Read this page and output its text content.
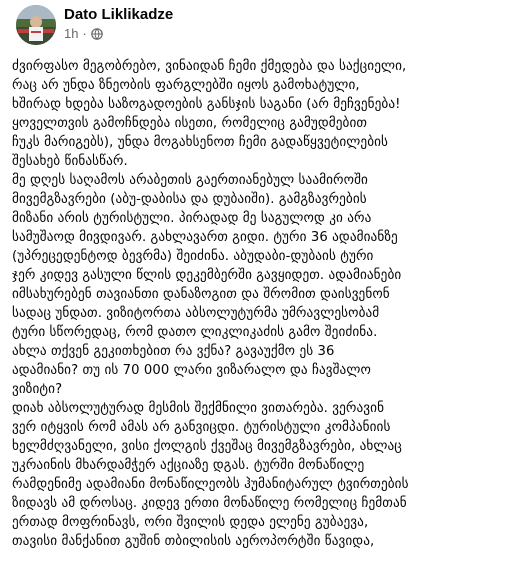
Dato Liklikadze
1h ·

ძვირფასო მეგობრებო, ვინაიდან ჩემი ქმედება და საქციელი,
რაც არ უნდა ზნეობის ფარგლებში იყოს გამოხატული,
ხშირად ხდება საზოგადოების განსჯის საგანი (არ მეჩვენება!
ყოველთვის გამოჩნდება ისეთი, რომელიც გამუდმებით
ჩუკს მარიგებს), უნდა მოგახსენოთ ჩემი გადაწყვეტილების
შესახებ წინასწარ.

მე დღეს საღამოს არაბეთის გაერთიანებულ საამიროში
მივემგზავრები (აბუ-დაბისა და დუბაიში). გამგზავრების
მიზანი არის ტურისტული. პირადად მე საგულოდ კი არა
სამუშაოდ მივდივარ. გახლავართ გიდი. ტური 36 ადამიანზე
(უპრეცედენტოდ ბევრმა) შეიძინა. აბუდაბი-დუბაის ტური
ჯერ კიდევ გასული წლის დეკემბერში გავყიდეთ. ადამიანები
იმსახურებენ თავიანთი დანაზოგით და შრომით დაისვენონ
სადაც უნდათ. ვიზიტორთა აბსოლუტურმა უმრავლესობამ
ტური სწორედაც, რომ დათო ლიკლიკაძის გამო შეიძინა.
ახლა თქვენ გეკითხებით რა ვქნა? გავაუქმო ეს 36
ადამიანი? თუ ის 70 000 ლარი ვიზარალო და ჩავშალო
ვიზიტი?

დიახ აბსოლუტურად მესმის შექმნილი ვითარება. ვერავინ
ვერ იტყვის რომ ამას არ განვიცდი. ტურისტული კომპანიის
ხელმძღვანელი, ვისი ქოლგის ქვეშაც მივემგზავრები, ახლაც
უკრაინის მხარდამჭერ აქციაზე დგას. ტურში მონაწილე
რამდენიმე ადამიანი მონაწილეობს ჰუმანიტარულ ტვირთების
ზიდავს ამ დროსაც. კიდევ ერთი მონაწილე რომელიც ჩემთან
ერთად მოფრინავს, ორი შვილის დედა ელენე გუბაევა,
თავისი მანქანით გუშინ თბილისის აეროპორტში წავიდა,
